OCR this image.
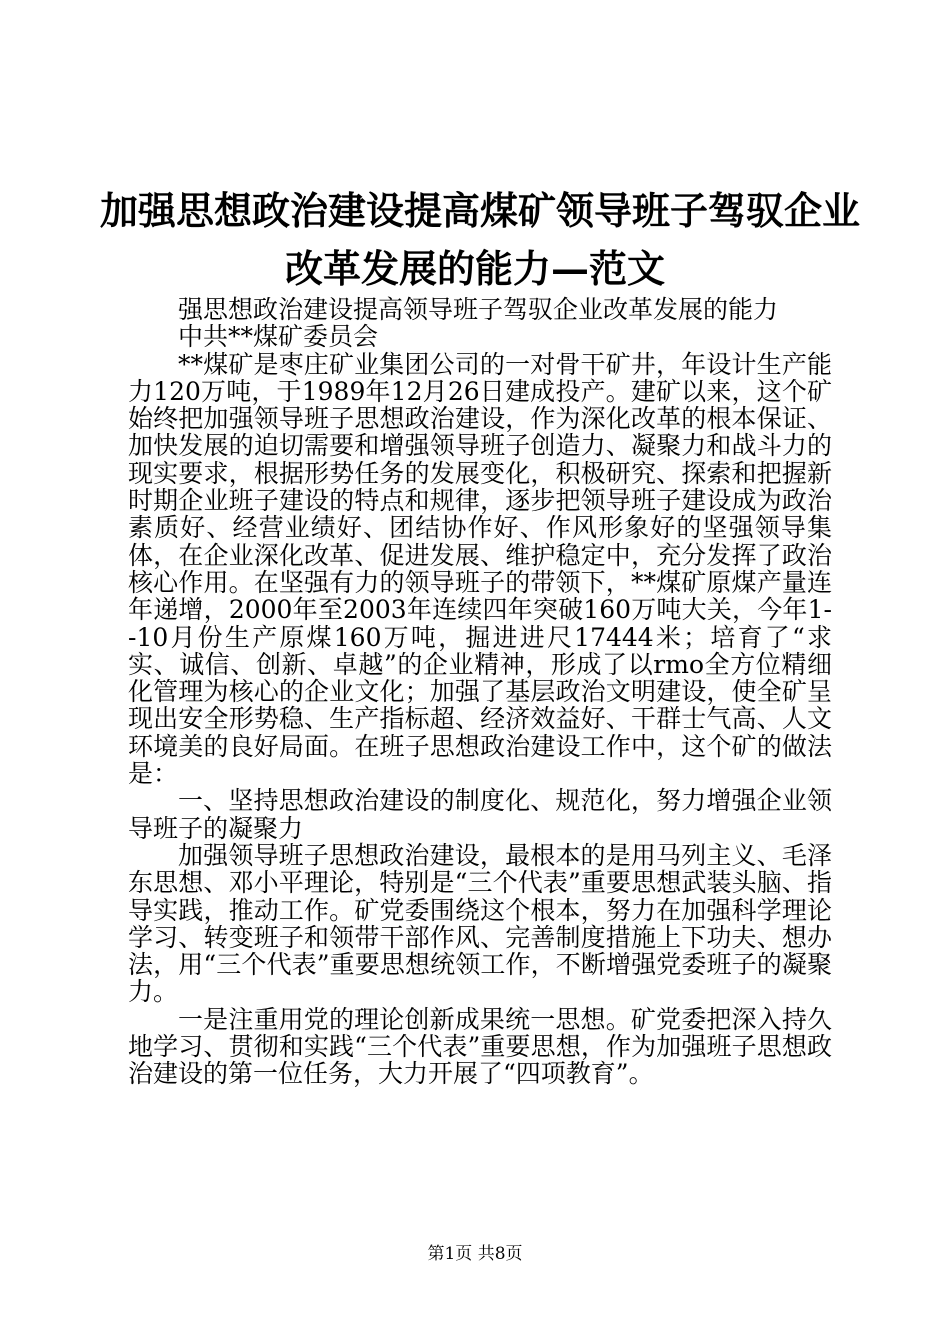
加强思想政治建设提高煤矿领导班子驾驭企业
改革发展的能力—范文

强思想政治建设提高领导班子驾驭企业改革发展的能力

中共**煤矿委员会

**煤矿是枣庄矿业集团公司的一对骨干矿井，年设计生产能力120万吨，于1989年12月26日建成投产。建矿以来，这个矿始终把加强领导班子思想政治建设，作为深化改革的根本保证、加快发展的迫切需要和增强领导班子创造力、凝聚力和战斗力的现实要求，根据形势任务的发展变化，积极研究、探索和把握新时期企业班子建设的特点和规律，逐步把领导班子建设成为政治素质好、经营业绩好、团结协作好、作风形象好的坚强领导集体，在企业深化改革、促进发展、维护稳定中，充分发挥了政治核心作用。在坚强有力的领导班子的带领下，**煤矿原煤产量连年递增，2000年至2003年连续四年突破160万吨大关，今年1--10月份生产原煤160万吨，掘进进尺17444米；培育了“求实、诚信、创新、卓越”的企业精神，形成了以rmo全方位精细化管理为核心的企业文化；加强了基层政治文明建设，使全矿呈现出安全形势稳、生产指标超、经济效益好、干群士气高、人文环境美的良好局面。在班子思想政治建设工作中，这个矿的做法是：

一、坚持思想政治建设的制度化、规范化，努力增强企业领导班子的凝聚力

加强领导班子思想政治建设，最根本的是用马列主义、毛泽东思想、邓小平理论，特别是“三个代表”重要思想武装头脑、指导实践，推动工作。矿党委围绕这个根本，努力在加强科学理论学习、转变班子和领带干部作风、完善制度措施上下功夫、想办法，用“三个代表”重要思想统领工作，不断增强党委班子的凝聚力。

一是注重用党的理论创新成果统一思想。矿党委把深入持久地学习、贯彻和实践“三个代表”重要思想，作为加强班子思想政治建设的第一位任务，大力开展了“四项教育”。

第1页 共8页
